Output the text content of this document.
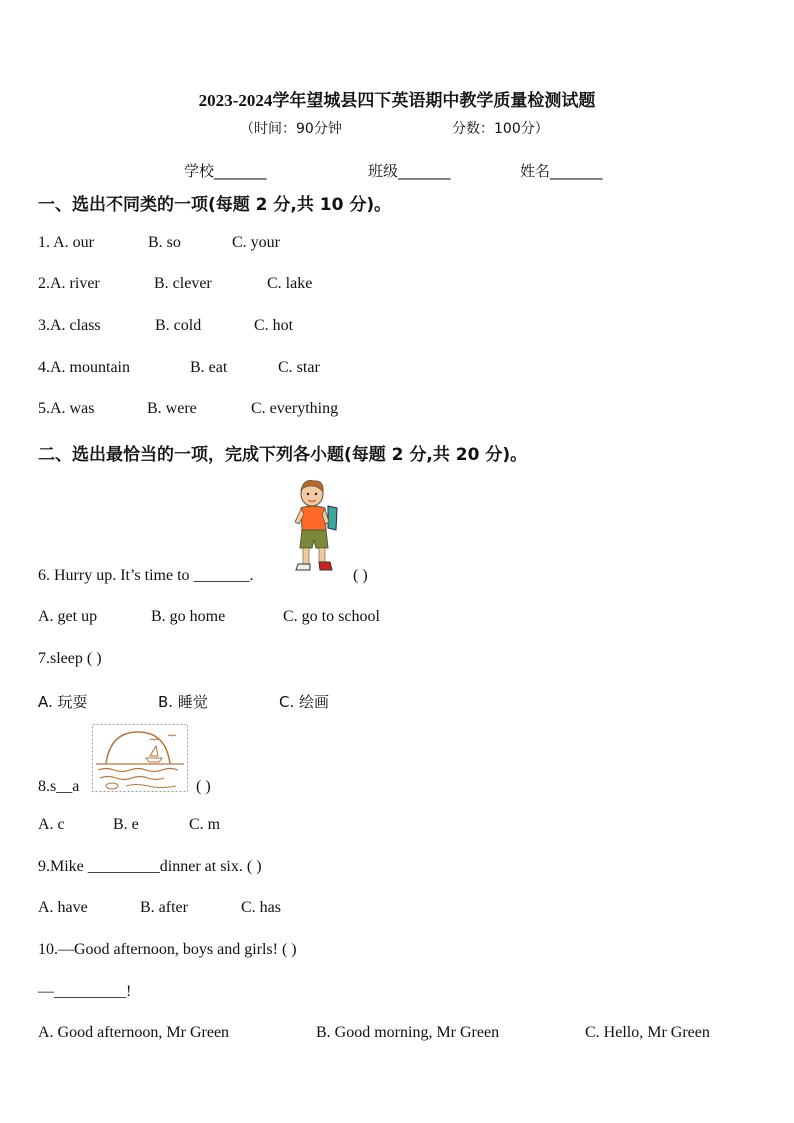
2023-2024学年望城县四下英语期中教学质量检测试题
（时间：90分钟	分数：100分）
学校_______	班级_______	姓名_______
一、选出不同类的一项(每题 2 分,共 10 分)。
1. A. our	B. so	C. your
2.A. river	B. clever	C. lake
3.A. class	B. cold	C. hot
4.A. mountain	B. eat	C. star
5.A. was	B. were	C. everything
二、选出最恰当的一项，完成下列各小题(每题 2 分,共 20 分)。
6. Hurry up. It’s time to _______.	( )
A. get up	B. go home	C. go to school
7.sleep ( )
A. 玩耍	B. 睡觉	C. 绘画
8.s__a	( )
A. c	B. e	C. m
9.Mike _________dinner at six. ( )
A. have	B. after	C. has
10.—Good afternoon, boys and girls! ( )
—_________!
A. Good afternoon, Mr Green	B. Good morning, Mr Green	C. Hello, Mr Green
